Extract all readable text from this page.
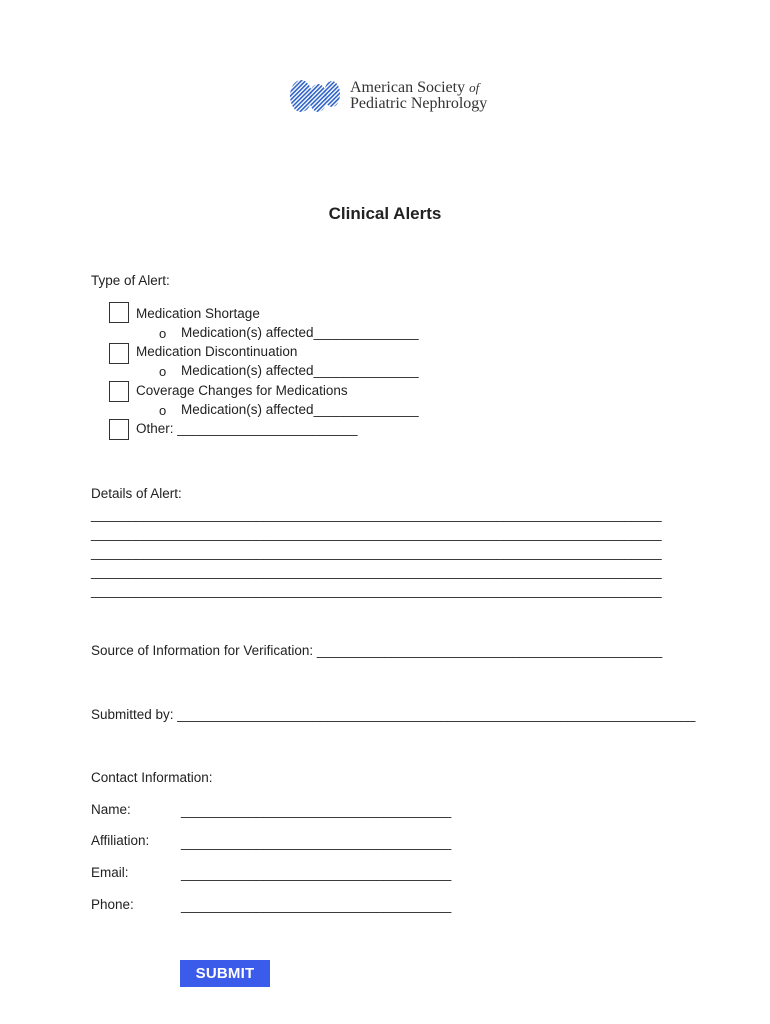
American Society of
Pediatric Nephrology
Clinical Alerts
Type of Alert:
Medication Shortage
o Medication(s) affected______________
Medication Discontinuation
o Medication(s) affected______________
Coverage Changes for Medications
o Medication(s) affected______________
Other: ________________________
Details of Alert:
____________________________________________________________________________
____________________________________________________________________________
____________________________________________________________________________
____________________________________________________________________________
____________________________________________________________________________
Source of Information for Verification: ______________________________________________
Submitted by: _____________________________________________________________________
Contact Information:
Name:	____________________________________
Affiliation: ____________________________________
Email:	____________________________________
Phone:	____________________________________
SUBMIT
